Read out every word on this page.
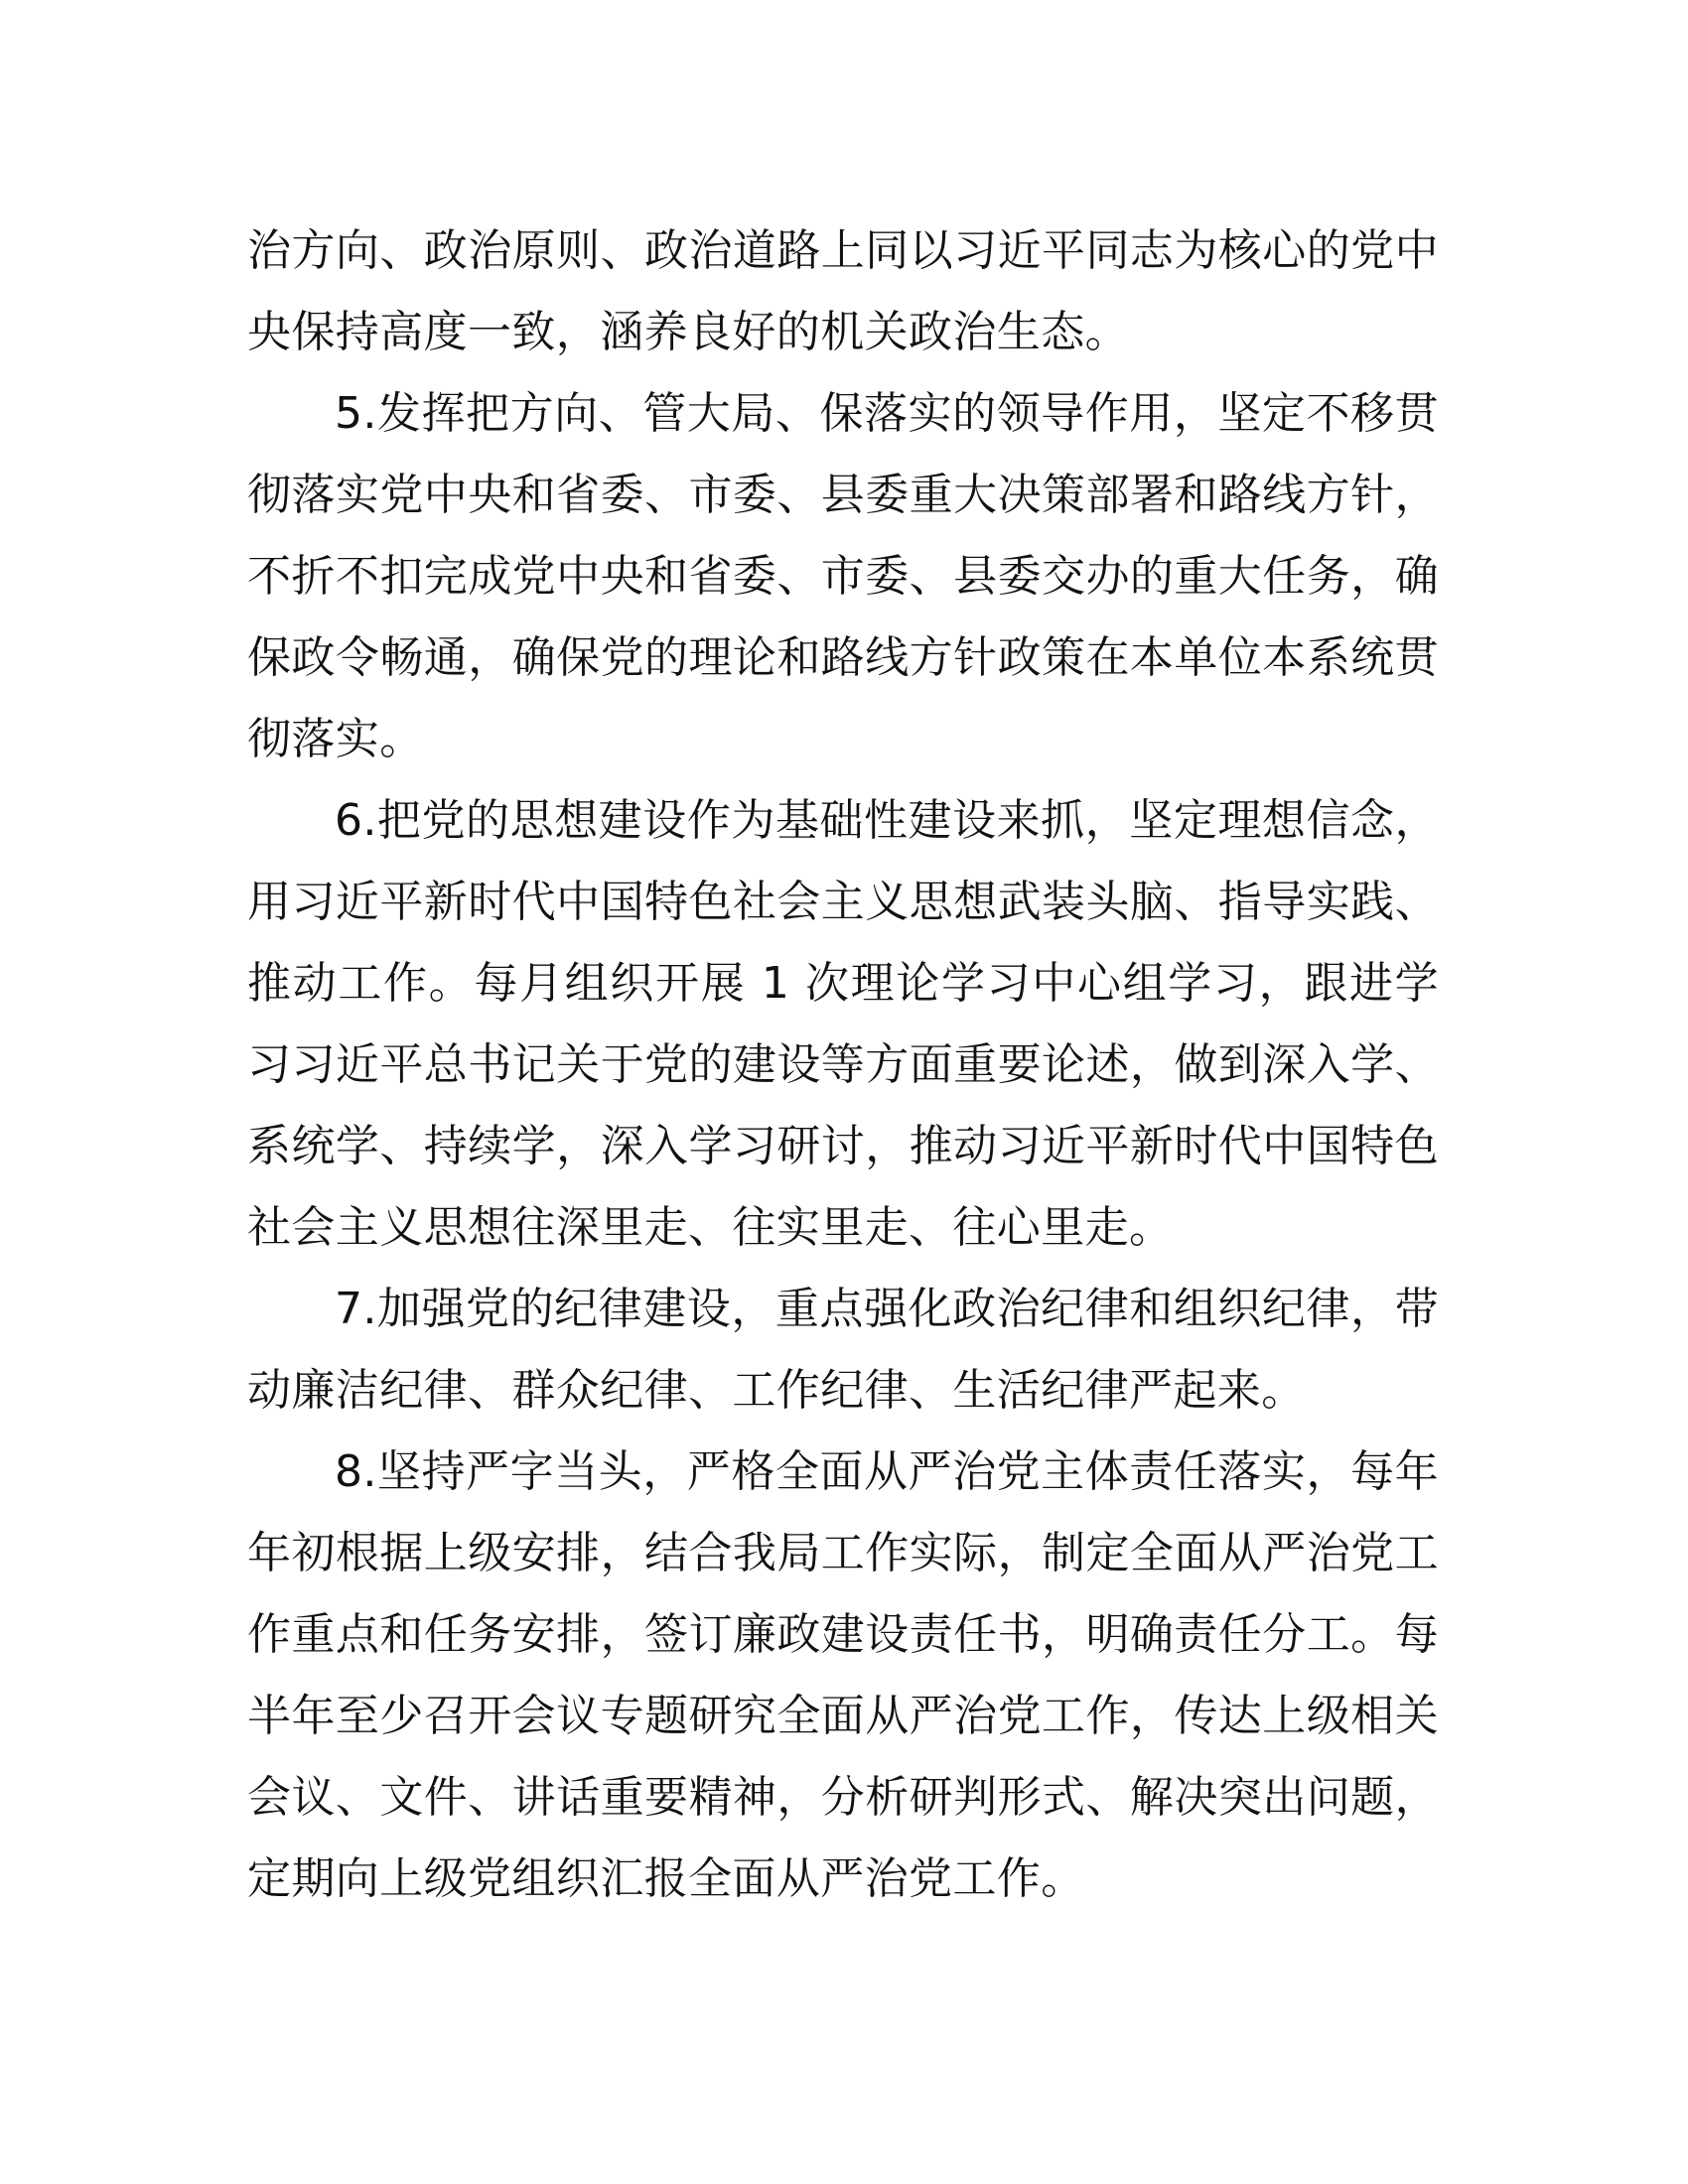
治方向、政治原则、政治道路上同以习近平同志为核心的党中央保持高度一致，涵养良好的机关政治生态。

5.发挥把方向、管大局、保落实的领导作用，坚定不移贯彻落实党中央和省委、市委、县委重大决策部署和路线方针，不折不扣完成党中央和省委、市委、县委交办的重大任务，确保政令畅通，确保党的理论和路线方针政策在本单位本系统贯彻落实。

6.把党的思想建设作为基础性建设来抓，坚定理想信念，用习近平新时代中国特色社会主义思想武装头脑、指导实践、推动工作。每月组织开展 1 次理论学习中心组学习，跟进学习习近平总书记关于党的建设等方面重要论述，做到深入学、系统学、持续学，深入学习研讨，推动习近平新时代中国特色社会主义思想往深里走、往实里走、往心里走。

7.加强党的纪律建设，重点强化政治纪律和组织纪律，带动廉洁纪律、群众纪律、工作纪律、生活纪律严起来。

8.坚持严字当头，严格全面从严治党主体责任落实，每年年初根据上级安排，结合我局工作实际，制定全面从严治党工作重点和任务安排，签订廉政建设责任书，明确责任分工。每半年至少召开会议专题研究全面从严治党工作，传达上级相关会议、文件、讲话重要精神，分析研判形式、解决突出问题，定期向上级党组织汇报全面从严治党工作。
